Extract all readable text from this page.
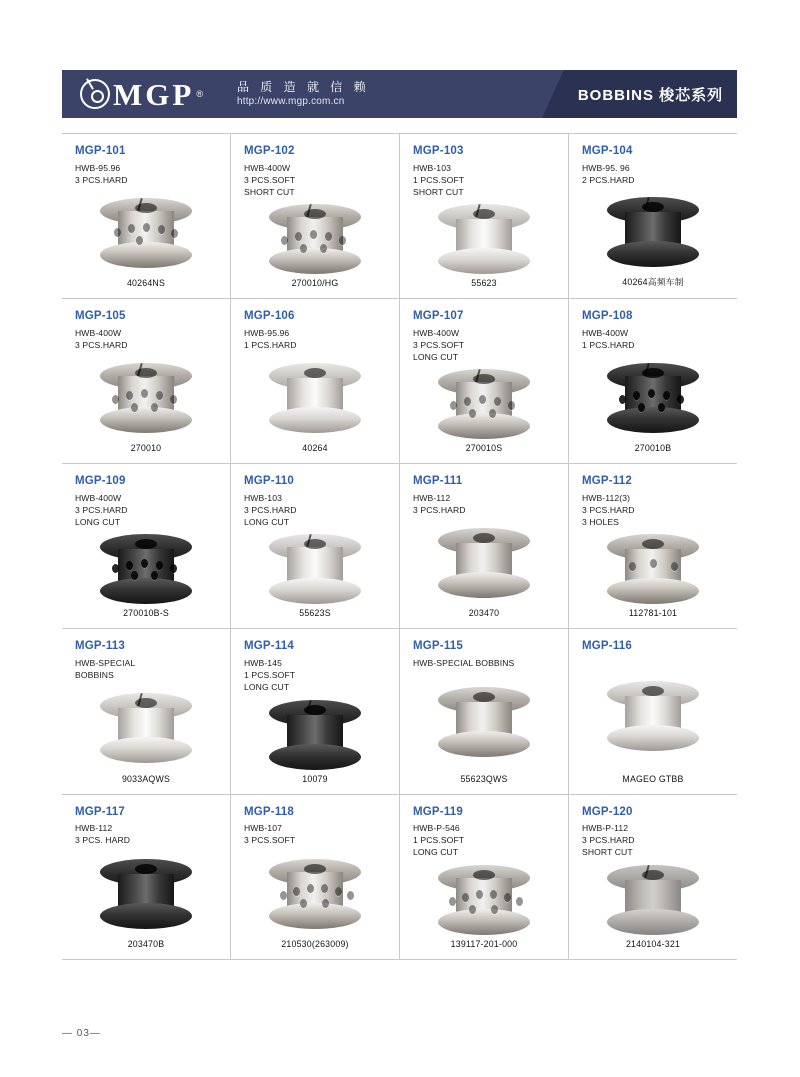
MGP ®	品 质 造 就 信 赖
http://www.mgp.com.cn	BOBBINS 梭芯系列
MGP-101
HWB-95.96
3 PCS.HARD
40264NS
MGP-102
HWB-400W
3 PCS.SOFT
SHORT CUT
270010/HG
MGP-103
HWB-103
1 PCS.SOFT
SHORT CUT
55623
MGP-104
HWB-95. 96
2 PCS.HARD
40264高频车制
MGP-105
HWB-400W
3 PCS.HARD
270010
MGP-106
HWB-95.96
1 PCS.HARD
40264
MGP-107
HWB-400W
3 PCS.SOFT
LONG CUT
270010S
MGP-108
HWB-400W
1 PCS.HARD
270010B
MGP-109
HWB-400W
3 PCS.HARD
LONG CUT
270010B-S
MGP-110
HWB-103
3 PCS.HARD
LONG CUT
55623S
MGP-111
HWB-112
3 PCS.HARD
203470
MGP-112
HWB-112(3)
3 PCS.HARD
3 HOLES
112781-101
MGP-113
HWB-SPECIAL
BOBBINS
9033AQWS
MGP-114
HWB-145
1 PCS.SOFT
LONG CUT
10079
MGP-115
HWB-SPECIAL BOBBINS
55623QWS
MGP-116
MAGEO GTBB
MGP-117
HWB-112
3 PCS. HARD
203470B
MGP-118
HWB-107
3 PCS.SOFT
210530(263009)
MGP-119
HWB-P-546
1 PCS.SOFT
LONG CUT
139117-201-000
MGP-120
HWB-P-112
3 PCS.HARD
SHORT CUT
2140104-321
— 03—
